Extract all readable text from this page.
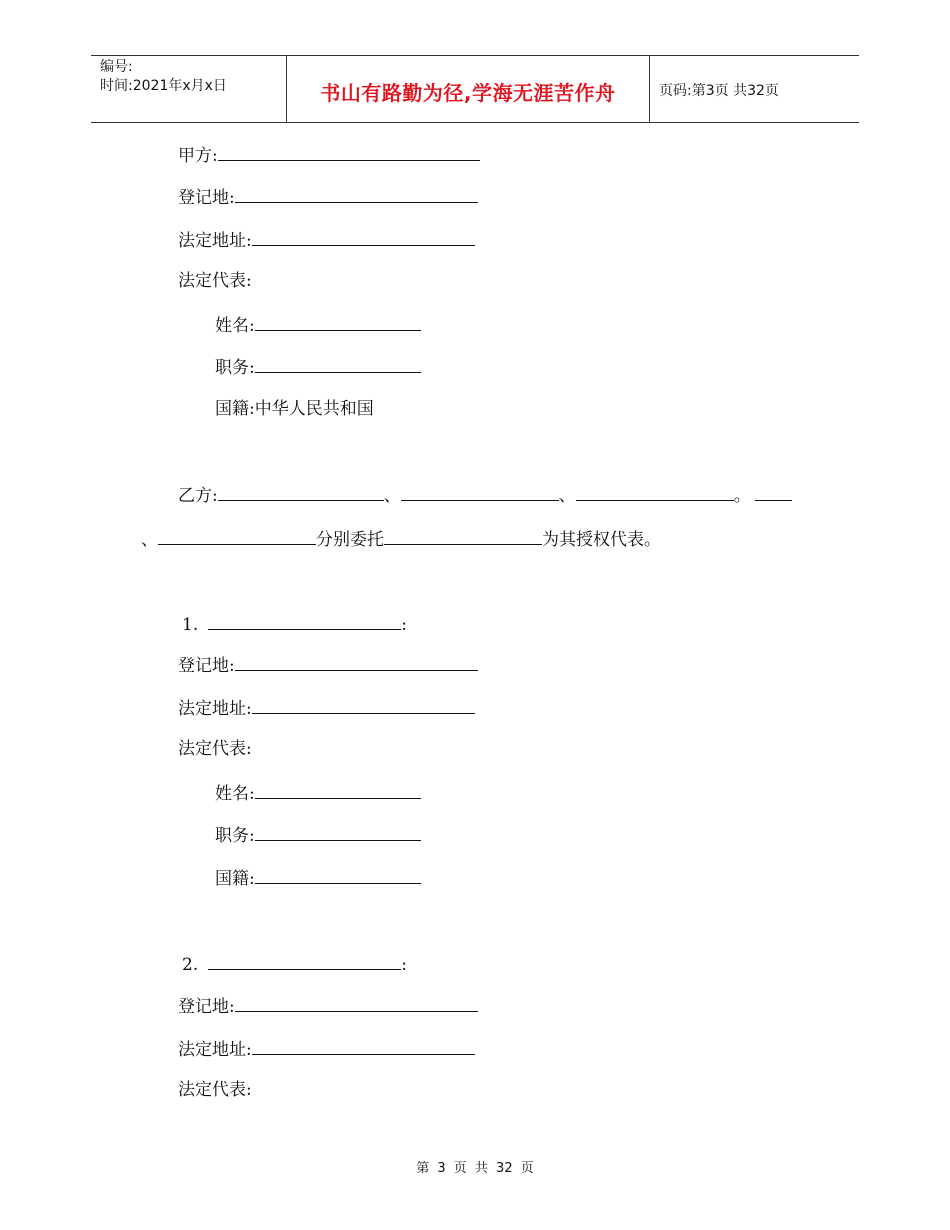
编号:
时间:2021年x月x日	书山有路勤为径,学海无涯苦作舟	页码:第3页 共32页
甲方:
登记地:
法定地址:
法定代表:
姓名:
职务:
国籍:中华人民共和国
乙方:	、	、	。
、	分别委托	为其授权代表。
1.	:
登记地:
法定地址:
法定代表:
姓名:
职务:
国籍:
2.	:
登记地:
法定地址:
法定代表:
第 3 页 共 32 页
